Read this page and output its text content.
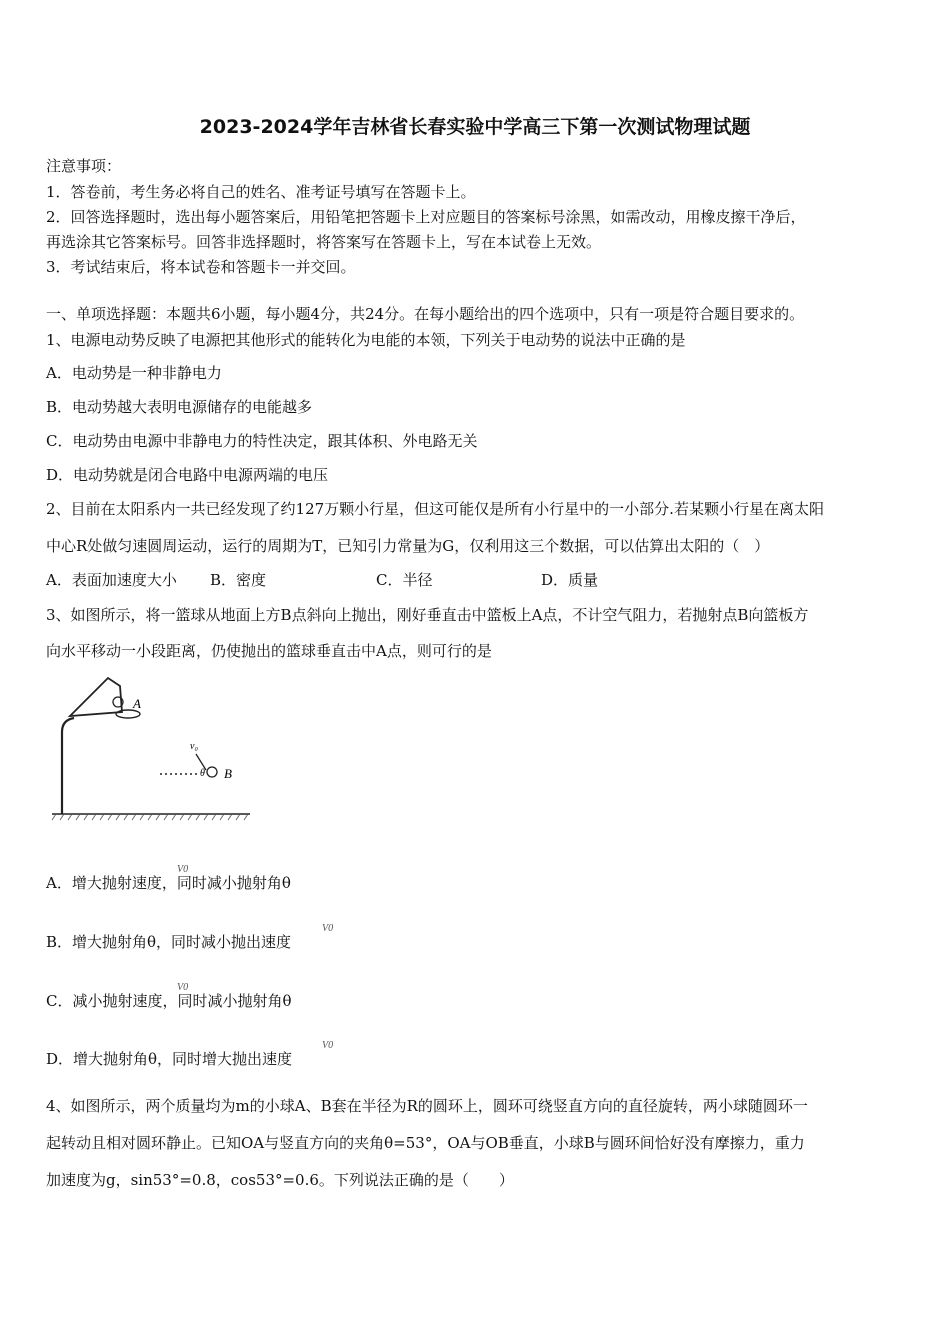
2023-2024学年吉林省长春实验中学高三下第一次测试物理试题
注意事项：
1．答卷前，考生务必将自己的姓名、准考证号填写在答题卡上。
2．回答选择题时，选出每小题答案后，用铅笔把答题卡上对应题目的答案标号涂黑，如需改动，用橡皮擦干净后，
再选涂其它答案标号。回答非选择题时，将答案写在答题卡上，写在本试卷上无效。
3．考试结束后，将本试卷和答题卡一并交回。
一、单项选择题：本题共6小题，每小题4分，共24分。在每小题给出的四个选项中，只有一项是符合题目要求的。
1、电源电动势反映了电源把其他形式的能转化为电能的本领，下列关于电动势的说法中正确的是
A．电动势是一种非静电力
B．电动势越大表明电源储存的电能越多
C．电动势由电源中非静电力的特性决定，跟其体积、外电路无关
D．电动势就是闭合电路中电源两端的电压
2、目前在太阳系内一共已经发现了约127万颗小行星，但这可能仅是所有小行星中的一小部分.若某颗小行星在离太阳
中心R处做匀速圆周运动，运行的周期为T，已知引力常量为G，仅利用这三个数据，可以估算出太阳的（　）
A．表面加速度大小 B．密度	C．半径	D．质量
3、如图所示，将一篮球从地面上方B点斜向上抛出，刚好垂直击中篮板上A点，不计空气阻力，若抛射点B向篮板方
向水平移动一小段距离，仍使抛出的篮球垂直击中A点，则可行的是
A
v₀
θ B
A．增大抛射速度，同时减小抛射角θ
V0
B．增大抛射角θ，同时减小抛出速度
V0
C．减小抛射速度，同时减小抛射角θ
V0
D．增大抛射角θ，同时增大抛出速度
V0
4、如图所示，两个质量均为m的小球A、B套在半径为R的圆环上，圆环可绕竖直方向的直径旋转，两小球随圆环一
起转动且相对圆环静止。已知OA与竖直方向的夹角θ=53°，OA与OB垂直，小球B与圆环间恰好没有摩擦力，重力
加速度为g，sin53°=0.8，cos53°=0.6。下列说法正确的是（　　）
